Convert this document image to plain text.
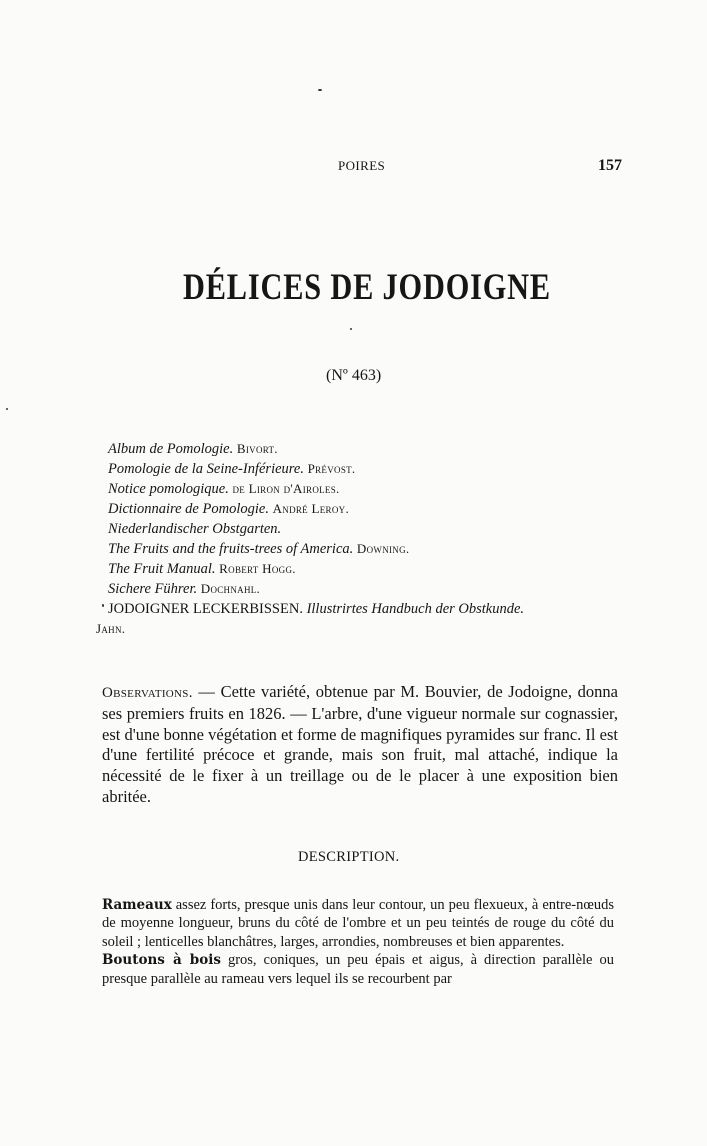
POIRES	157
DÉLICES DE JODOIGNE
(Nº 463)
Album de Pomologie. Bivort.
Pomologie de la Seine-Inférieure. Prévost.
Notice pomologique. de Liron d'Airoles.
Dictionnaire de Pomologie. André Leroy.
Niederlandischer Obstgarten.
The Fruits and the fruits-trees of America. Downing.
The Fruit Manual. Robert Hogg.
Sichere Führer. Dochnahl.
JODOIGNER LECKERBISSEN. Illustrirtes Handbuch der Obstkunde.
Jahn.

Observations. — Cette variété, obtenue par M. Bouvier, de Jodoigne, donna ses premiers fruits en 1826. — L'arbre, d'une vigueur normale sur cognassier, est d'une bonne végétation et forme de magnifiques pyramides sur franc. Il est d'une fertilité précoce et grande, mais son fruit, mal attaché, indique la nécessité de le fixer à un treillage ou de le placer à une exposition bien abritée.

DESCRIPTION.

Rameaux assez forts, presque unis dans leur contour, un peu flexueux, à entre-nœuds de moyenne longueur, bruns du côté de l'ombre et un peu teintés de rouge du côté du soleil ; lenticelles blanchâtres, larges, arrondies, nombreuses et bien apparentes.

Boutons à bois gros, coniques, un peu épais et aigus, à direction parallèle ou presque parallèle au rameau vers lequel ils se recourbent par
